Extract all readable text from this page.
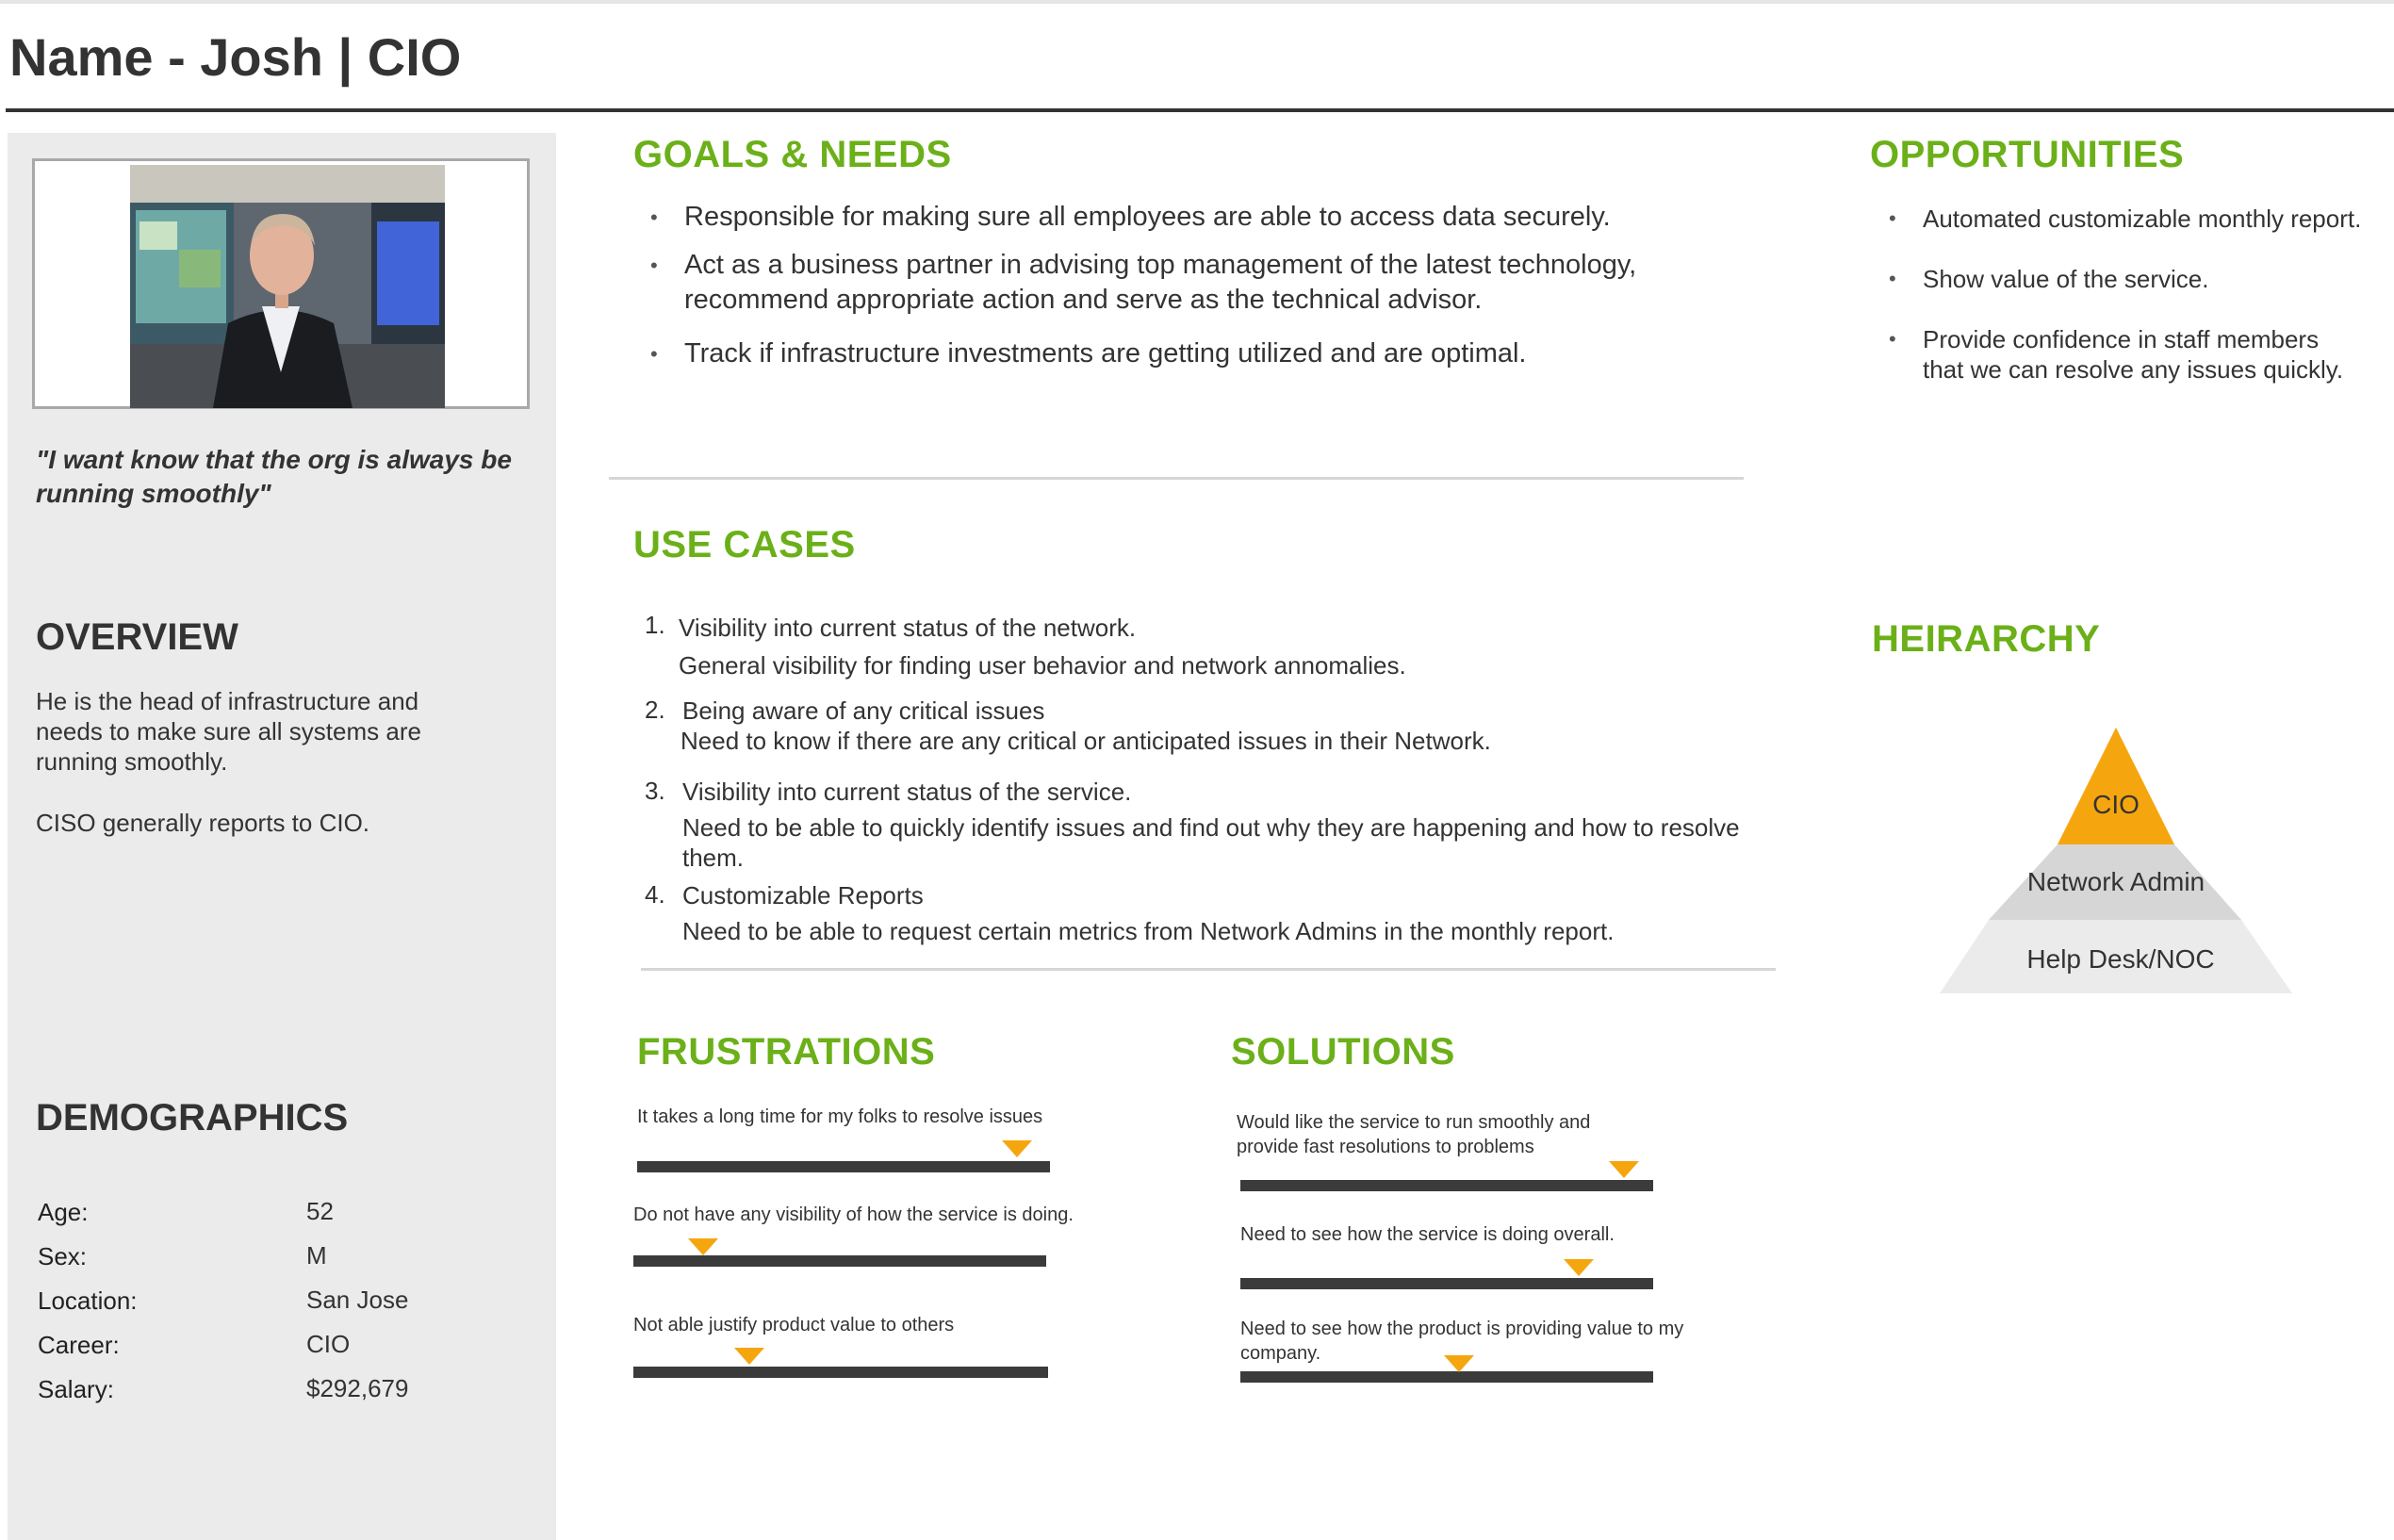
Name - Josh | CIO
"I want know that the org is always be running smoothly"
OVERVIEW

He is the head of infrastructure and needs to make sure all systems are running smoothly.

CISO generally reports to CIO.

DEMOGRAPHICS
Age:	52
Sex:	M
Location:	San Jose
Career:	CIO
Salary:	$292,679
GOALS & NEEDS
• Responsible for making sure all employees are able to access data securely.
• Act as a business partner in advising top management of the latest technology, recommend appropriate action and serve as the technical advisor.
• Track if infrastructure investments are getting utilized and are optimal.
OPPORTUNITIES
• Automated customizable monthly report.
• Show value of the service.
• Provide confidence in staff members that we can resolve any issues quickly.
USE CASES
1. Visibility into current status of the network.
General visibility for finding user behavior and network annomalies.
2. Being aware of any critical issues
Need to know if there are any critical or anticipated issues in their Network.
3. Visibility into current status of the service.
Need to be able to quickly identify issues and find out why they are happening and how to resolve them.
4. Customizable Reports
Need to be able to request certain metrics from Network Admins in the monthly report.
HEIRARCHY
CIO
Network Admin
Help Desk/NOC
FRUSTRATIONS
It takes a long time for my folks to resolve issues
Do not have any visibility of how the service is doing.
Not able justify product value to others
SOLUTIONS
Would like the service to run smoothly and provide fast resolutions to problems
Need to see how the service is doing overall.
Need to see how the product is providing value to my company.
